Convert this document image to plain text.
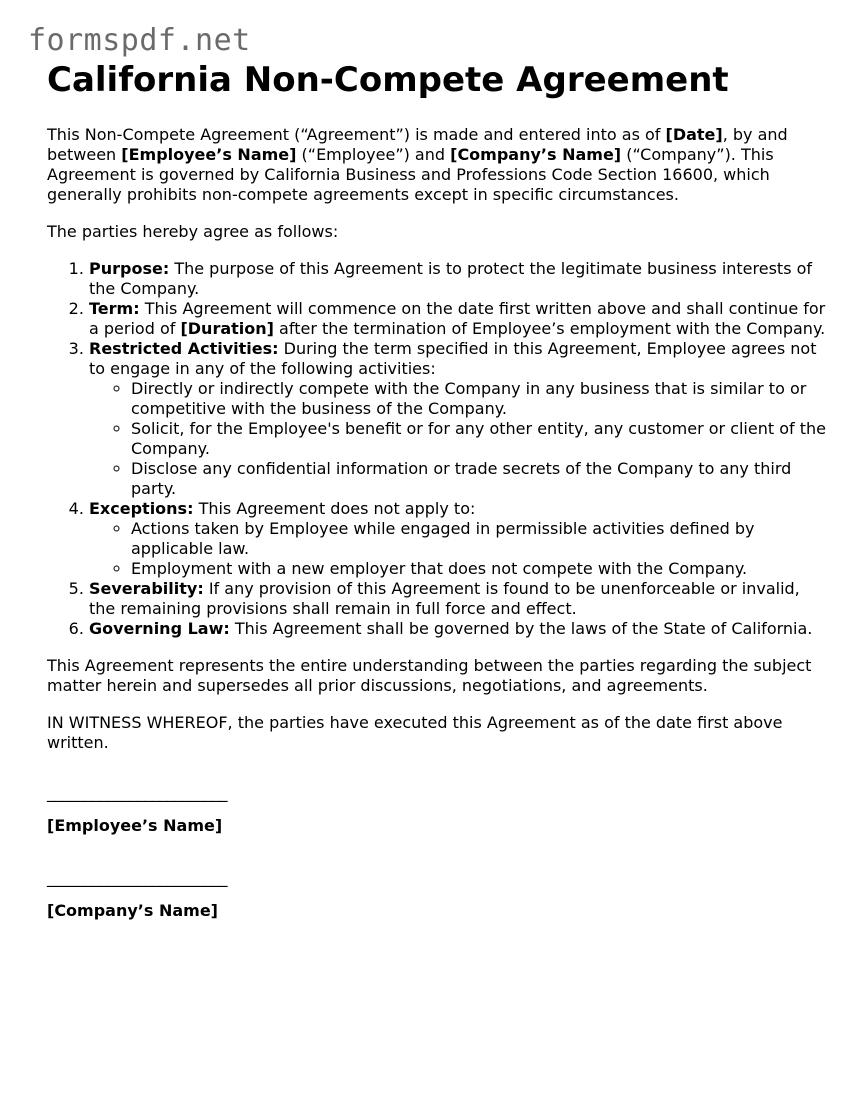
formspdf.net
California Non-Compete Agreement

This Non-Compete Agreement (“Agreement”) is made and entered into as of [Date], by and between [Employee’s Name] (“Employee”) and [Company’s Name] (“Company”). This Agreement is governed by California Business and Professions Code Section 16600, which generally prohibits non-compete agreements except in specific circumstances.

The parties hereby agree as follows:

1. Purpose: The purpose of this Agreement is to protect the legitimate business interests of the Company.
2. Term: This Agreement will commence on the date first written above and shall continue for a period of [Duration] after the termination of Employee’s employment with the Company.
3. Restricted Activities: During the term specified in this Agreement, Employee agrees not to engage in any of the following activities:
◦ Directly or indirectly compete with the Company in any business that is similar to or competitive with the business of the Company.
◦ Solicit, for the Employee's benefit or for any other entity, any customer or client of the Company.
◦ Disclose any confidential information or trade secrets of the Company to any third party.
4. Exceptions: This Agreement does not apply to:
◦ Actions taken by Employee while engaged in permissible activities defined by applicable law.
◦ Employment with a new employer that does not compete with the Company.
5. Severability: If any provision of this Agreement is found to be unenforceable or invalid, the remaining provisions shall remain in full force and effect.
6. Governing Law: This Agreement shall be governed by the laws of the State of California.

This Agreement represents the entire understanding between the parties regarding the subject matter herein and supersedes all prior discussions, negotiations, and agreements.

IN WITNESS WHEREOF, the parties have executed this Agreement as of the date first above written.

________________________
[Employee’s Name]
________________________
[Company’s Name]
